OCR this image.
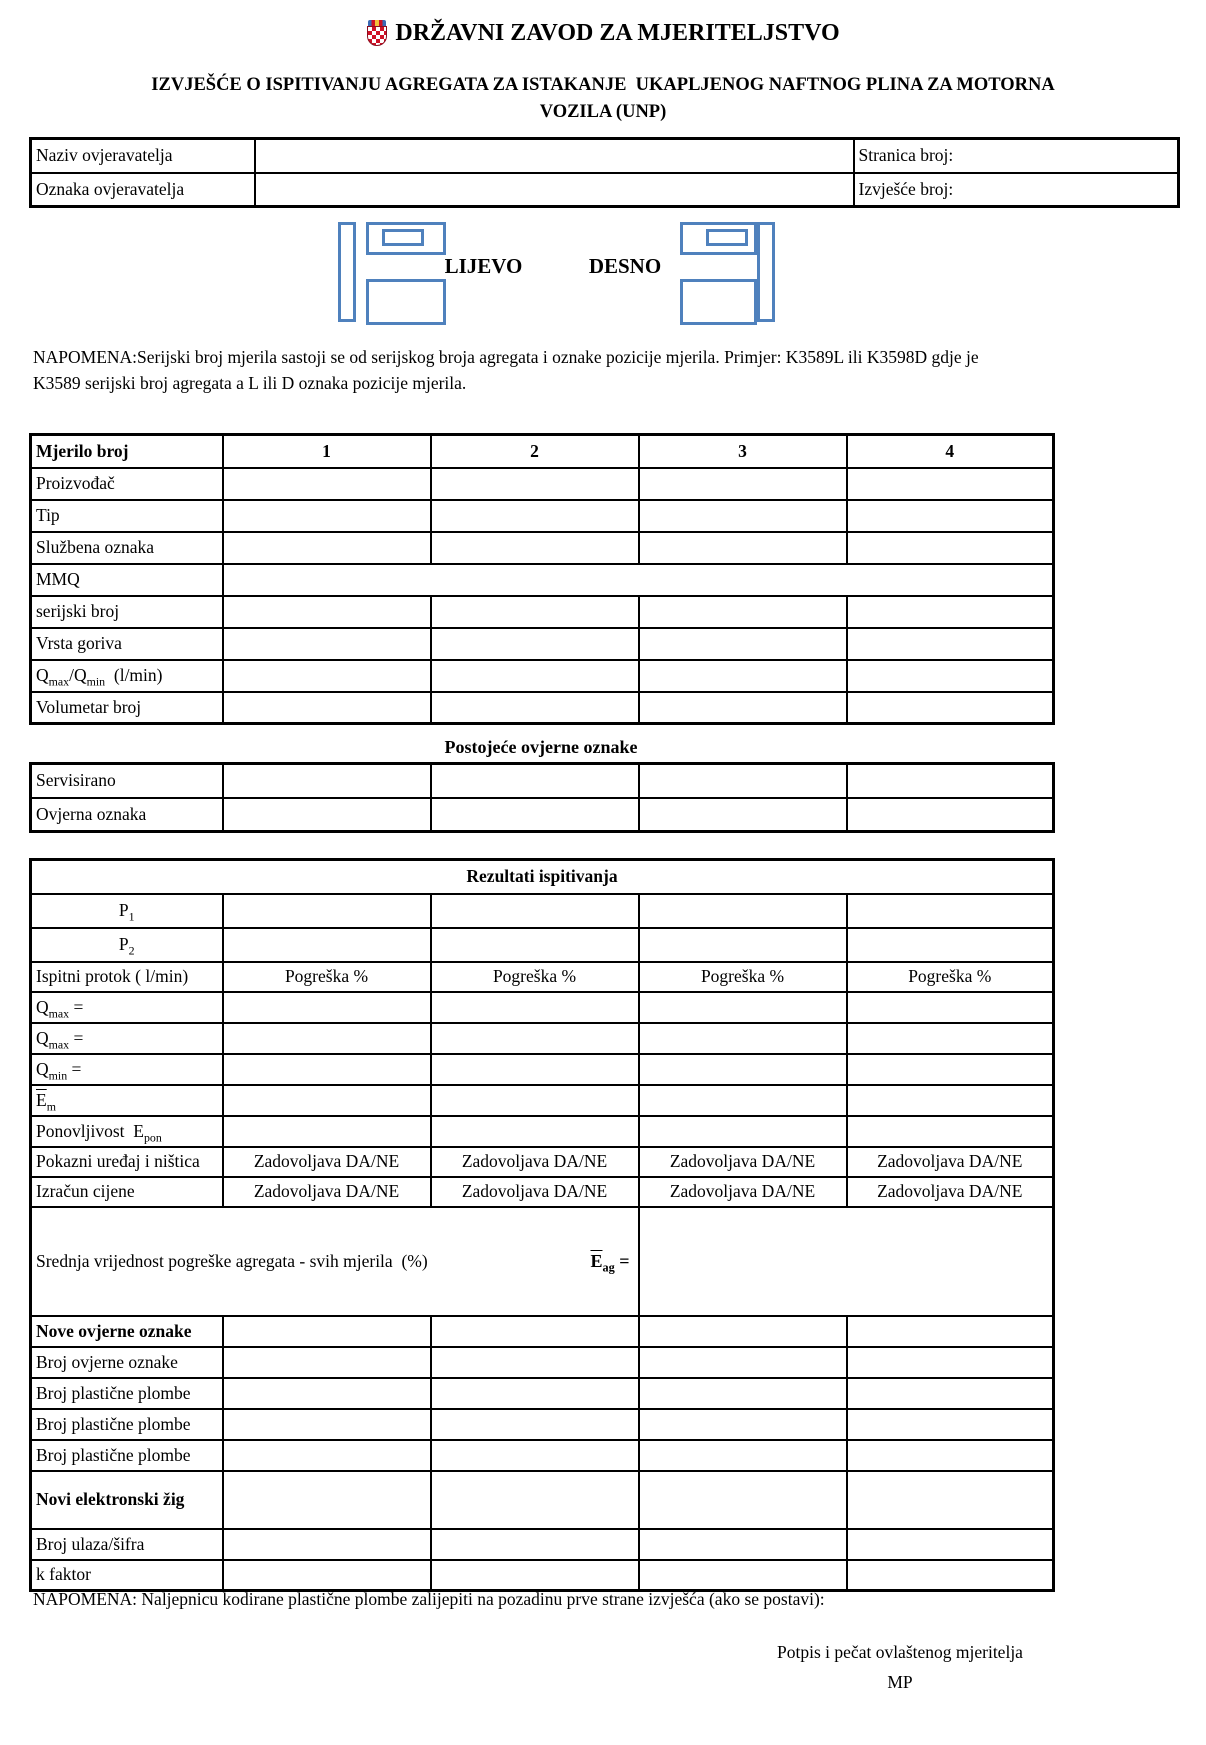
DRŽAVNI ZAVOD ZA MJERITELJSTVO
IZVJEŠĆE O ISPITIVANJU AGREGATA ZA ISTAKANJE  UKAPLJENOG NAFTNOG PLINA ZA MOTORNA
VOZILA (UNP)
Naziv ovjeravatelja		Stranica broj:
Oznaka ovjeravatelja		Izvješće broj:
LIJEVO	DESNO
NAPOMENA:Serijski broj mjerila sastoji se od serijskog broja agregata i oznake pozicije mjerila. Primjer: K3589L ili K3598D gdje je
K3589 serijski broj agregata a L ili D oznaka pozicije mjerila.
Mjerilo broj	1	2	3	4
Proizvođač				
Tip				
Službena oznaka				
MMQ				
serijski broj				
Vrsta goriva				
$Q_{max}/Q_{min}$  (l/min)				
Volumetar broj				
Postojeće ovjerne oznake
Servisirano				
Ovjerna oznaka				
Rezultati ispitivanja				
$P_1$				
$P_2$				
Ispitni protok ( l/min)	Pogreška %	Pogreška %	Pogreška %	Pogreška %
$Q_{max}$ =				
$Q_{max}$ =				
$Q_{min}$ =				
$\overline{E}_m$				
Ponovljivost  $E_{pon}$				
Pokazni uređaj i ništica	Zadovoljava DA/NE	Zadovoljava DA/NE	Zadovoljava DA/NE	Zadovoljava DA/NE
Izračun cijene	Zadovoljava DA/NE	Zadovoljava DA/NE	Zadovoljava DA/NE	Zadovoljava DA/NE

Srednja vrijednost pogreške agregata - svih mjerila  (%) $\overline{E}_{ag}$ =				

Nove ovjerne oznake				
Broj ovjerne oznake				
Broj plastične plombe				
Broj plastične plombe				
Broj plastične plombe				
Novi elektronski žig				
Broj ulaza/šifra				
k faktor				
NAPOMENA: Naljepnicu kodirane plastične plombe zalijepiti na pozadinu prve strane izvješća (ako se postavi):
Potpis i pečat ovlaštenog mjeritelja
MP
